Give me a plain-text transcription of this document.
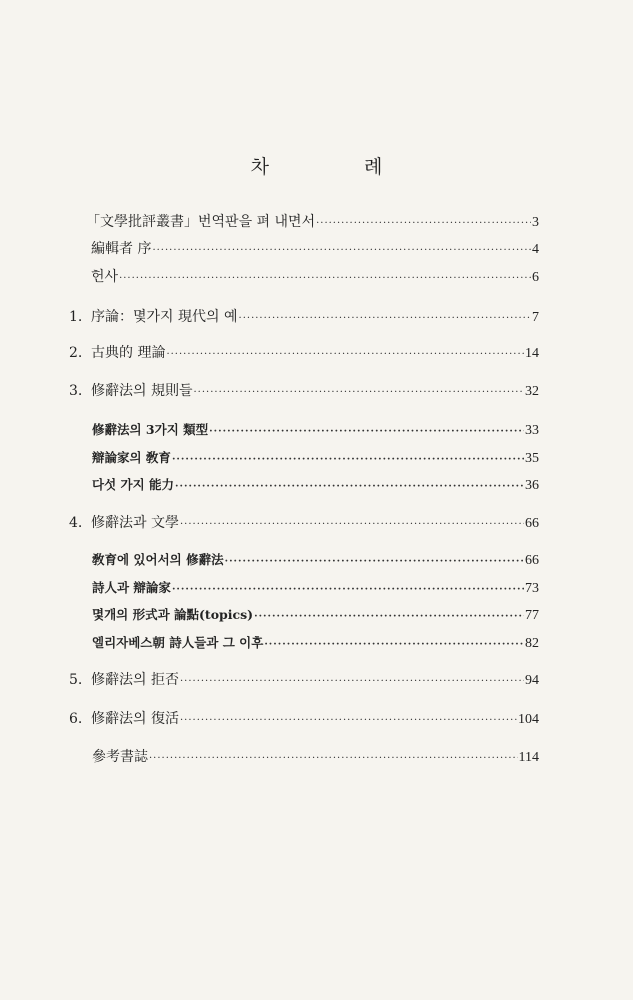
차　례
「文學批評叢書」번역판을 펴 내면서 ·····	3
編輯者 序 ·····	4
헌사 ·····	6
1. 序論：몇가지 現代의 예 ·····	7
2. 古典的 理論 ·····	14
3. 修辭法의 規則들 ·····	32
修辭法의 3가지 類型 ·····	33
辯論家의 敎育 ·····	35
다섯 가지 能力 ·····	36
4. 修辭法과 文學 ·····	66
敎育에 있어서의 修辭法 ·····	66
詩人과 辯論家 ·····	73
몇개의 形式과 論點(topics) ·····	77
엘리자베스朝 詩人들과 그 이후 ·····	82
5. 修辭法의 拒否 ·····	94
6. 修辭法의 復活 ·····	104
參考書誌 ·····	114
